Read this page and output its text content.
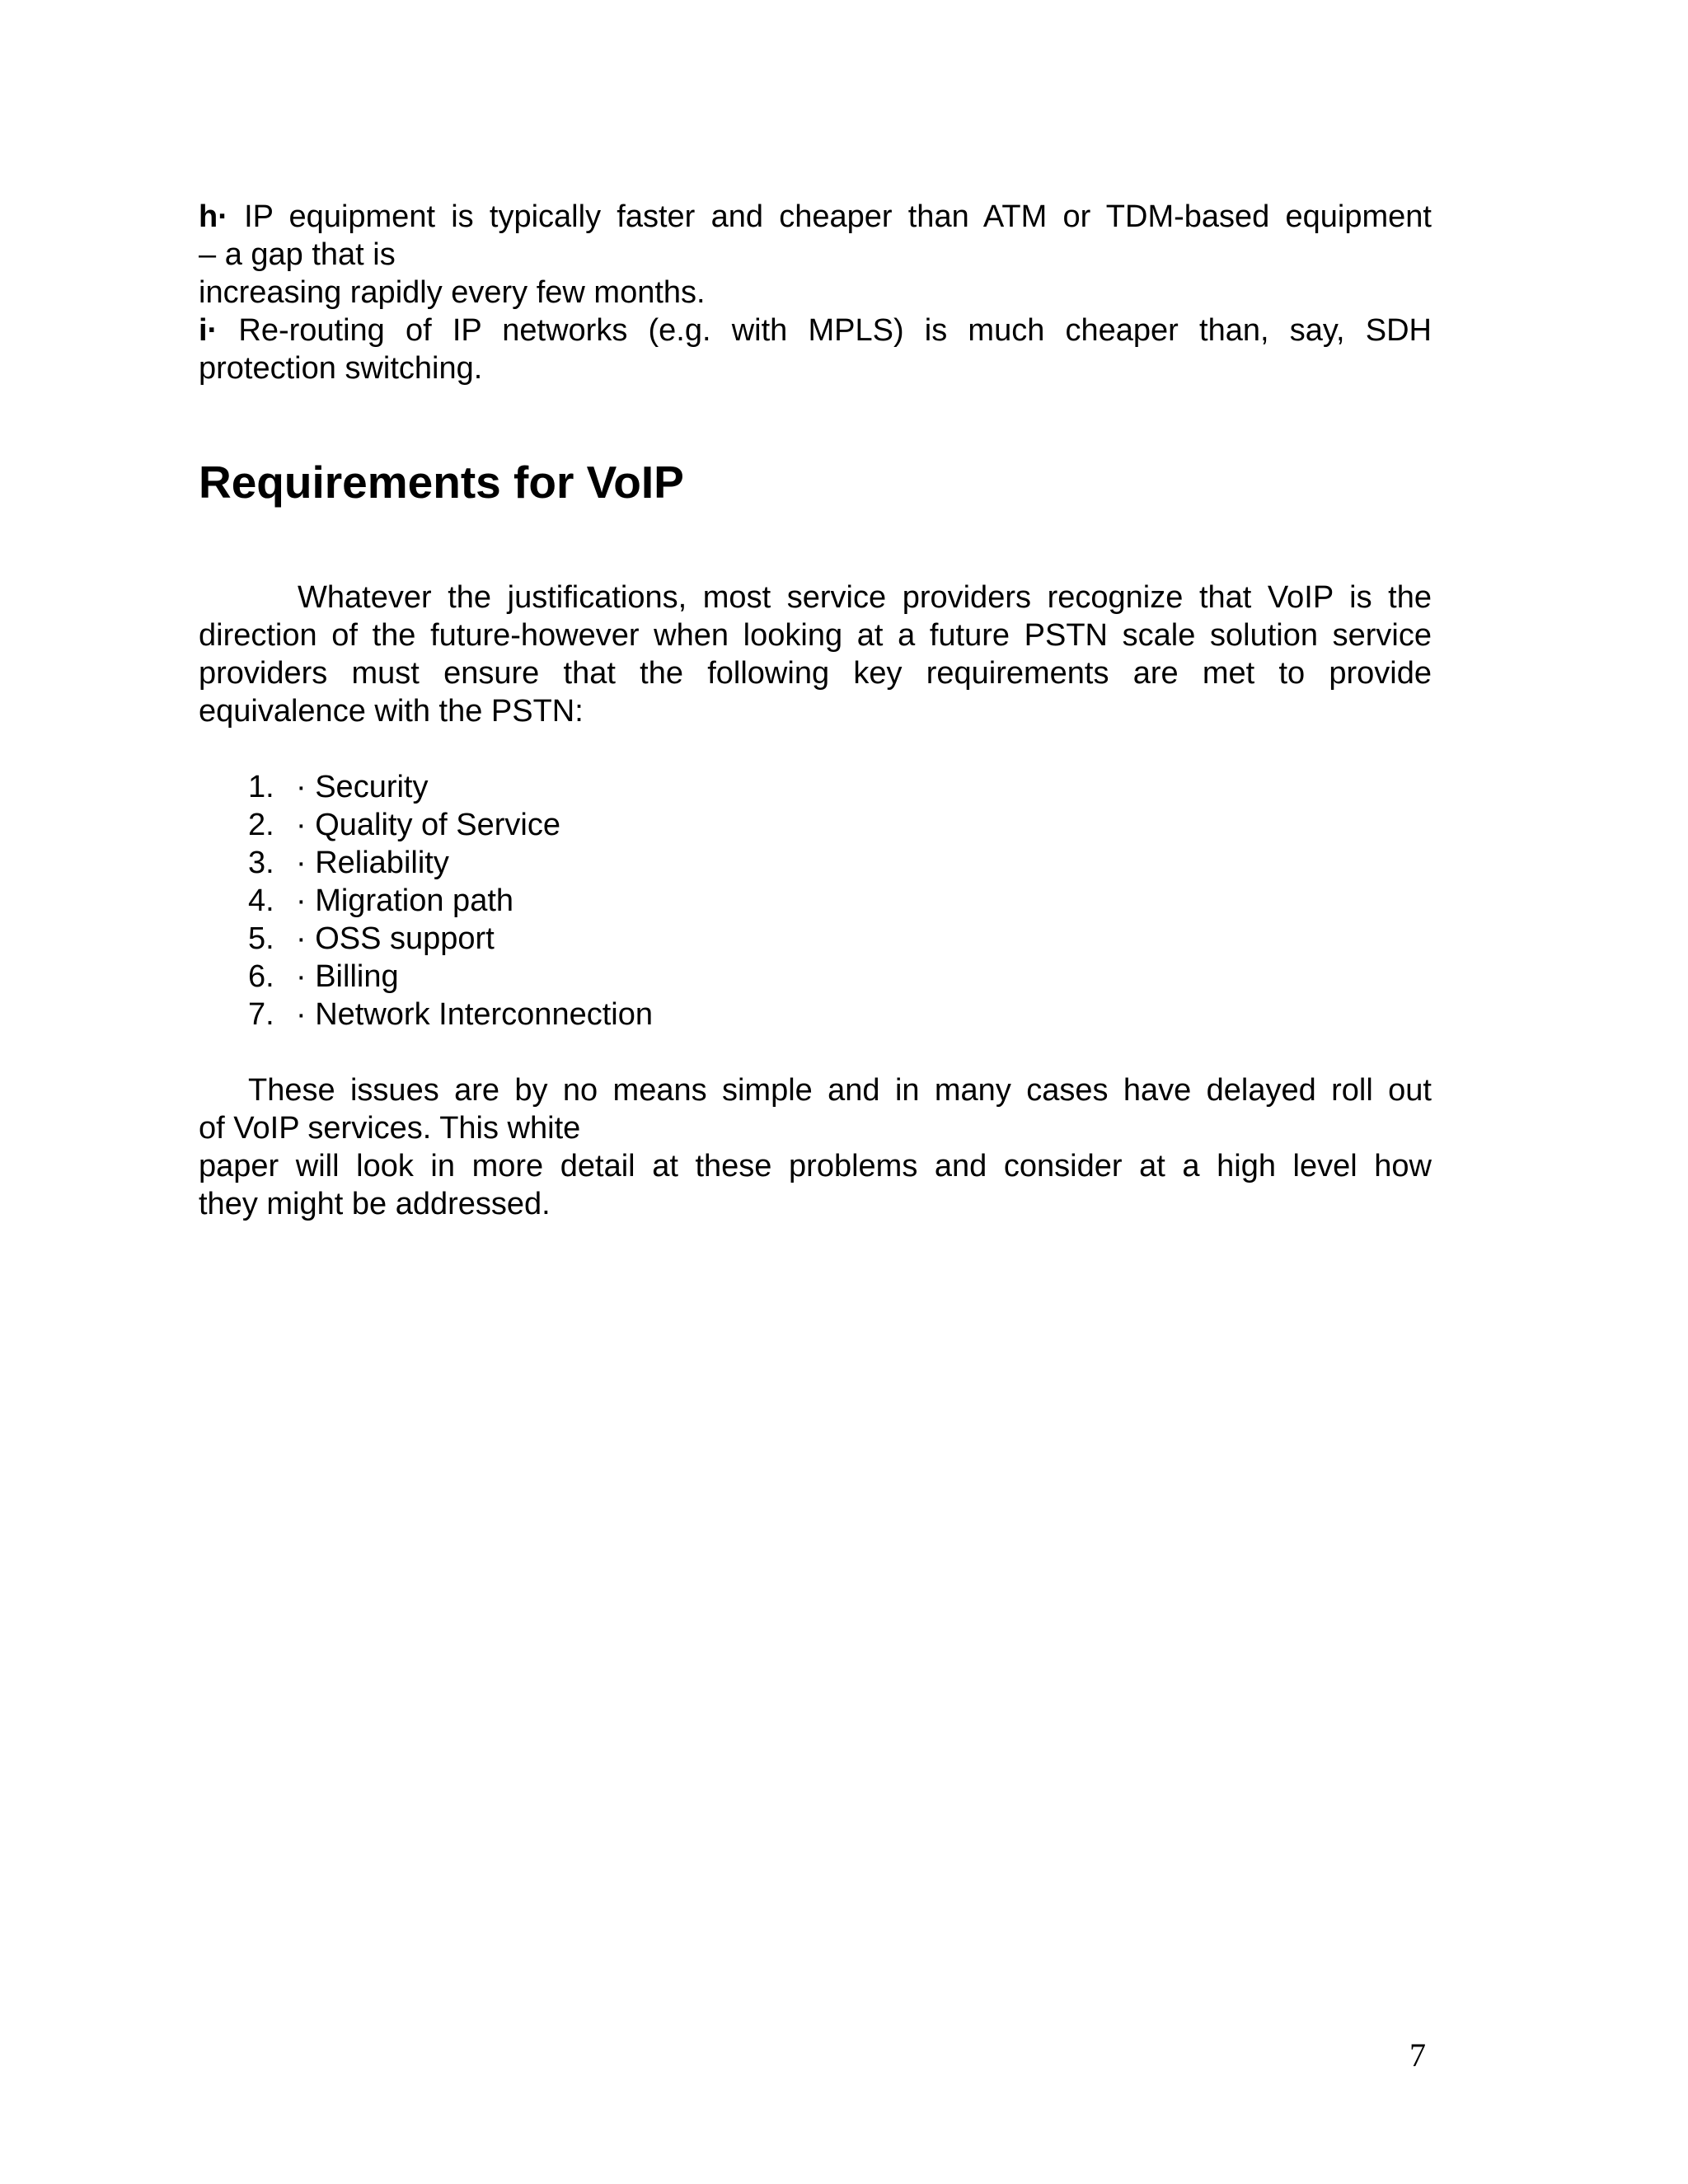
h· IP equipment is typically faster and cheaper than ATM or TDM-based equipment
– a gap that is
increasing rapidly every few months.
i· Re-routing of IP networks (e.g. with MPLS) is much cheaper than, say, SDH
protection switching.
Requirements for VoIP
Whatever the justifications, most service providers recognize that VoIP is the
direction of the future-however when looking at a future PSTN scale solution service
providers must ensure that the following key requirements are met to provide
equivalence with the PSTN:
1. · Security
2. · Quality of Service
3. · Reliability
4. · Migration path
5. · OSS support
6. · Billing
7. · Network Interconnection
These issues are by no means simple and in many cases have delayed roll out
of VoIP services. This white
paper will look in more detail at these problems and consider at a high level how
they might be addressed.
7
